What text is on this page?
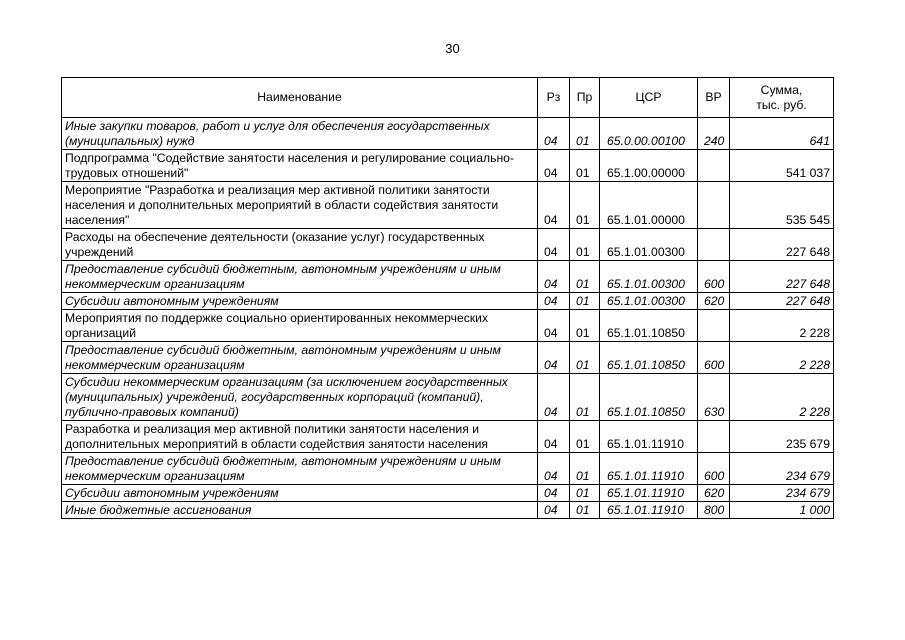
30
Наименование	Рз	Пр	ЦСР	ВР	Сумма,
тыс. руб.

Иные закупки товаров, работ и услуг для обеспечения государственных (муниципальных) нужд	04	01	65.0.00.00100	240	641
Подпрограмма "Содействие занятости населения и регулирование социально-трудовых отношений"	04	01	65.1.00.00000		541 037
Мероприятие "Разработка и реализация мер активной политики занятости населения и дополнительных мероприятий в области содействия занятости населения"	04	01	65.1.01.00000		535 545
Расходы на обеспечение деятельности (оказание услуг) государственных учреждений	04	01	65.1.01.00300		227 648
Предоставление субсидий бюджетным, автономным учреждениям и иным некоммерческим организациям	04	01	65.1.01.00300	600	227 648
Субсидии автономным учреждениям	04	01	65.1.01.00300	620	227 648
Мероприятия по поддержке социально ориентированных некоммерческих организаций	04	01	65.1.01.10850		2 228
Предоставление субсидий бюджетным, автономным учреждениям и иным некоммерческим организациям	04	01	65.1.01.10850	600	2 228
Субсидии некоммерческим организациям (за исключением государственных (муниципальных) учреждений, государственных корпораций (компаний), публично-правовых компаний)	04	01	65.1.01.10850	630	2 228
Разработка и реализация мер активной политики занятости населения и дополнительных мероприятий в области содействия занятости населения	04	01	65.1.01.11910		235 679
Предоставление субсидий бюджетным, автономным учреждениям и иным некоммерческим организациям	04	01	65.1.01.11910	600	234 679
Субсидии автономным учреждениям	04	01	65.1.01.11910	620	234 679
Иные бюджетные ассигнования	04	01	65.1.01.11910	800	1 000
